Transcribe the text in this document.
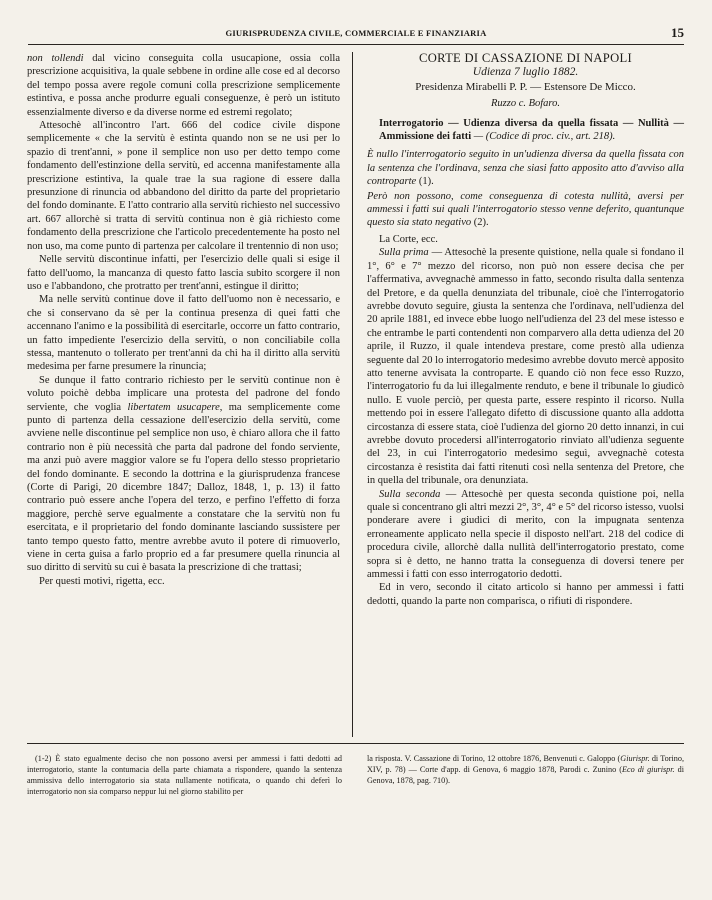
GIURISPRUDENZA CIVILE, COMMERCIALE E FINANZIARIA	15

non tollendi dal vicino conseguita colla usucapione, ossia colla prescrizione acquisitiva, la quale sebbene in ordine alle cose ed al decorso del tempo possa avere regole comuni colla prescrizione semplicemente estintiva, e possa anche produrre eguali conseguenze, è però un istituto essenzialmente diverso e da diverse norme ed estremi regolato;

Attesochè all'incontro l'art. 666 del codice civile dispone semplicemente « che la servitù è estinta quando non se ne usi per lo spazio di trent'anni, » pone il semplice non uso per detto tempo come fondamento dell'estinzione della servitù, ed accenna manifestamente alla prescrizione estintiva, la quale trae la sua ragione di essere dalla presunzione di rinuncia od abbandono del diritto da parte del proprietario del fondo dominante. E l'atto contrario alla servitù richiesto nel successivo art. 667 allorchè si tratta di servitù continua non è già richiesto come fondamento della prescrizione che l'articolo precedentemente ha posto nel non uso, ma come punto di partenza per calcolare il trentennio di non uso;

Nelle servitù discontinue infatti, per l'esercizio delle quali si esige il fatto dell'uomo, la mancanza di questo fatto lascia subito scorgere il non uso e l'abbandono, che protratto per trent'anni, estingue il diritto;

Ma nelle servitù continue dove il fatto dell'uomo non è necessario, e che si conservano da sè per la continua presenza di quei fatti che accennano l'animo e la possibilità di esercitarle, occorre un fatto contrario, un fatto impediente l'esercizio della servitù, o non conciliabile colla stessa, mantenuto o tollerato per trent'anni da chi ha il diritto alla servitù medesima per farne presumere la rinuncia;

Se dunque il fatto contrario richiesto per le servitù continue non è voluto poichè debba implicare una protesta del padrone del fondo serviente, che voglia libertatem usucapere, ma semplicemente come punto di partenza della cessazione dell'esercizio della servitù, come avviene nelle discontinue pel semplice non uso, è chiaro allora che il fatto contrario non è più necessità che parta dal padrone del fondo serviente, ma anzi può avere maggior valore se fu l'opera dello stesso proprietario del fondo dominante. E secondo la dottrina e la giurisprudenza francese (Corte di Parigi, 20 dicembre 1847; Dalloz, 1848, 1, p. 13) il fatto contrario può essere anche l'opera del terzo, e perfino l'effetto di forza maggiore, perchè serve egualmente a constatare che la servitù non fu esercitata, e il proprietario del fondo dominante lasciando sussistere per tanto tempo questo fatto, mentre avrebbe avuto il potere di rimuoverlo, viene in certa guisa a farlo proprio ed a far presumere quella rinuncia al suo diritto di servitù su cui è basata la prescrizione di che trattasi;

Per questi motivi, rigetta, ecc.

CORTE DI CASSAZIONE DI NAPOLI

Udienza 7 luglio 1882.

Presidenza Mirabelli P. P. — Estensore De Micco.

Ruzzo c. Bofaro.

Interrogatorio — Udienza diversa da quella fissata — Nullità — Ammissione dei fatti — (Codice di proc. civ., art. 218).

È nullo l'interrogatorio seguito in un'udienza diversa da quella fissata con la sentenza che l'ordinava, senza che siasi fatto apposito atto d'avviso alla controparte (1).

Però non possono, come conseguenza di cotesta nullità, aversi per ammessi i fatti sui quali l'interrogatorio stesso venne deferito, quantunque questo sia stato negativo (2).

La Corte, ecc.

Sulla prima — Attesochè la presente quistione, nella quale si fondano il 1°, 6° e 7° mezzo del ricorso, non può non essere decisa che per l'affermativa, avvegnachè ammesso in fatto, secondo risulta dalla sentenza del Pretore, e da quella denunziata del tribunale, cioè che l'interrogatorio avrebbe dovuto seguire, giusta la sentenza che l'ordinava, nell'udienza del 20 aprile 1881, ed invece ebbe luogo nell'udienza del 23 del mese istesso e che entrambe le parti contendenti non comparvero alla detta udienza del 20 aprile, il Ruzzo, il quale intendeva prestare, come prestò alla udienza seguente dal 20 lo interrogatorio medesimo avrebbe dovuto mercè apposito atto tenerne avvisata la controparte. E quando ciò non fece esso Ruzzo, l'interrogatorio fu da lui illegalmente renduto, e bene il tribunale lo giudicò nullo. E vuole perciò, per questa parte, essere respinto il ricorso. Nulla mettendo poi in essere l'allegato difetto di discussione quanto alla addotta circostanza di essere stata, cioè l'udienza del giorno 20 detto innanzi, in cui avrebbe dovuto procedersi all'interrogatorio rinviato all'udienza seguente del 23, in cui l'interrogatorio medesimo seguì, avvegnachè cotesta circostanza è resistita dai fatti ritenuti così nella sentenza del Pretore, che in quella del tribunale, ora denunziata.

Sulla seconda — Attesochè per questa seconda quistione poi, nella quale si concentrano gli altri mezzi 2°, 3°, 4° e 5° del ricorso istesso, vuolsi ponderare avere i giudici di merito, con la impugnata sentenza erroneamente applicato nella specie il disposto nell'art. 218 del codice di procedura civile, allorchè dalla nullità dell'interrogatorio prestato, come sopra si è detto, ne hanno tratta la conseguenza di doversi tenere per ammessi i fatti con esso interrogatorio dedotti.

Ed in vero, secondo il citato articolo si hanno per ammessi i fatti dedotti, quando la parte non comparisca, o rifiuti di rispondere.

(1-2) È stato egualmente deciso che non possono aversi per ammessi i fatti dedotti ad interrogatorio, stante la contumacia della parte chiamata a rispondere, quando la sentenza ammissiva dello interrogatorio sia stata nullamente notificata, o quando chi deferì lo interrogatorio non sia comparso neppur lui nel giorno stabilito per
la risposta. V. Cassazione di Torino, 12 ottobre 1876, Benvenuti c. Galoppo (Giurispr. di Torino, XIV, p. 78) — Corte d'app. di Genova, 6 maggio 1878, Parodi c. Zunino (Eco di giurispr. di Genova, 1878, pag. 710).
